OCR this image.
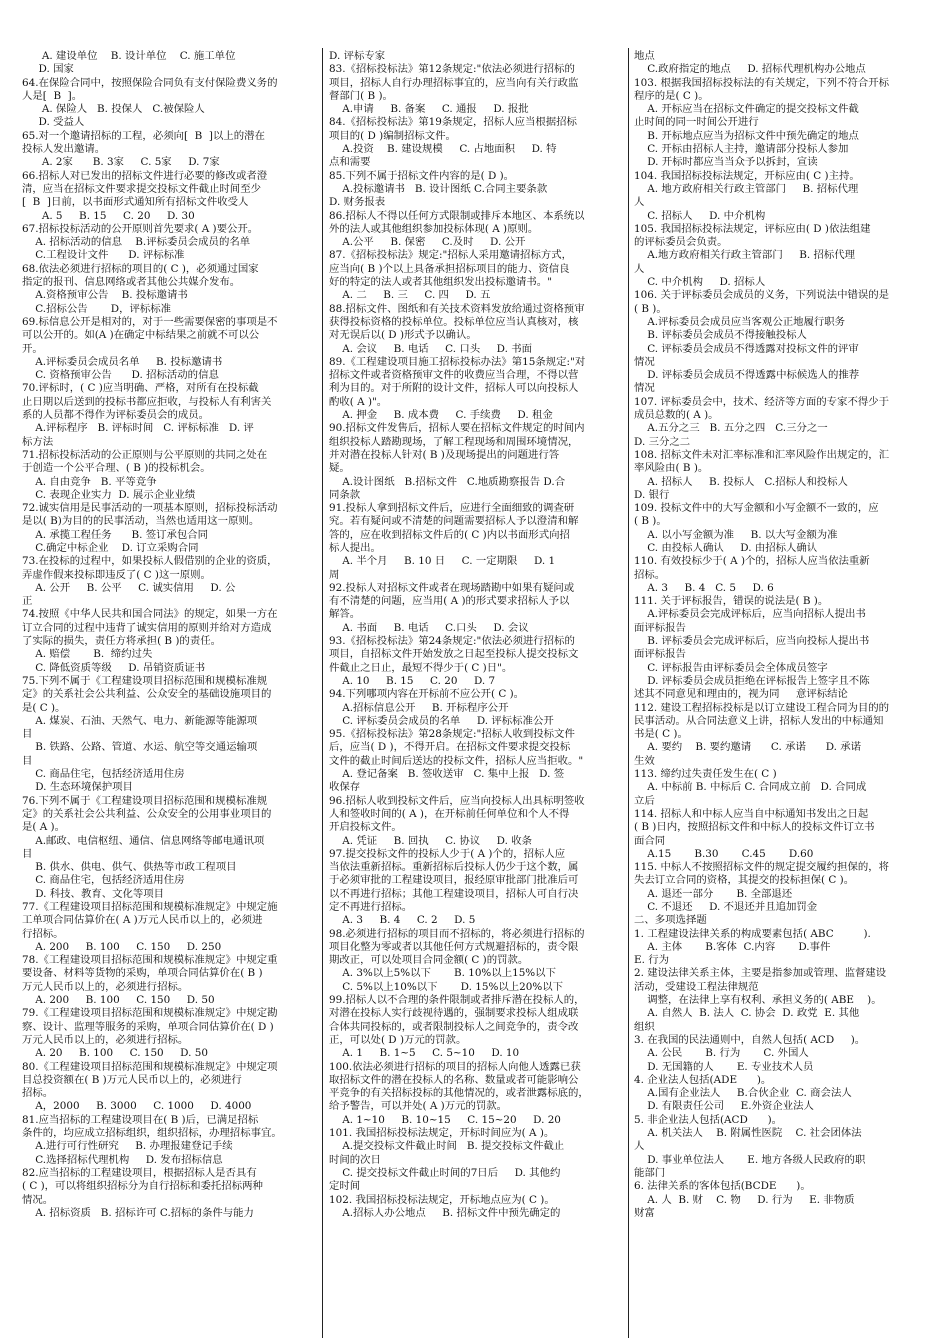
A. 建设单位    B. 设计单位    C. 施工单位
D. 国家
64.在保险合同中，按照保险合同负有支付保险费义务的
人是[  B  ]。
A. 保险人   B. 投保人   C.被保险人
D. 受益人
65.对一个邀请招标的工程，必须向[  B  ]以上的潜在
投标人发出邀请。
A. 2家      B. 3家     C. 5家     D. 7家
66.招标人对已发出的招标文件进行必要的修改或者澄
清，应当在招标文件要求提交投标文件截止时间至少
[  B  ]日前，以书面形式通知所有招标文件收受人
A. 5     B. 15     C. 20     D. 30
67.招标投标活动的公开原则首先要求( A )要公开。
A. 招标活动的信息    B.评标委员会成员的名单
C.工程设计文件      D. 评标标准
68.依法必须进行招标的项目的( C )，必须通过国家
指定的报刊、信息网络或者其他公共媒介发布。
A.资格预审公告    B. 投标邀请书
C.招标公告       D，评标标准
69.标信息公开是相对的，对于一些需要保密的事项是不
可以公开的。如(A )在确定中标结果之前就不可以公
开。
A.评标委员会成员名单     B. 投标邀请书
C. 资格预审公告      D. 招标活动的信息
70.评标时，( C )应当明确、严格，对所有在投标截
止日期以后送到的投标书都应拒收，与投标人有利害关
系的人员都不得作为评标委员会的成员。
A.评标程序   B. 评标时间   C. 评标标准   D. 评
标方法
71.招标投标活动的公正原则与公平原则的共同之处在
于创造一个公平合理、( B )的投标机会。
A. 自由竞争   B. 平等竞争
C. 表现企业实力  D. 展示企业业绩
72.诚实信用是民事活动的一项基本原则，招标投标活动
是以( B)为目的的民事活动，当然也适用这一原则。
A. 承揽工程任务      B. 签订承包合同
C.确定中标企业    D. 订立采购合同
73.在投标的过程中，如果投标人假借别的企业的资质，
弄虚作假来投标即违反了( C )这一原则。
A. 公开     B. 公平     C. 诚实信用     D. 公
正
74.按照《中华人民共和国合同法》的规定，如果一方在
订立合同的过程中违背了诚实信用的原则并给对方造成
了实际的损失，责任方将承担( B )的责任。
A. 赔偿       B.  缔约过失
C. 降低资质等级     D. 吊销资质证书
75.下列不属于《工程建设项目招标范围和规模标准规
定》的关系社会公共利益、公众安全的基础设施项目的
是( C )。
A. 煤炭、石油、天然气、电力、新能源等能源项
目
B. 铁路、公路、管道、水运、航空等交通运输项
目
C. 商品住宅，包括经济适用住房
D. 生态环境保护项目
76.下列不属于《工程建设项目招标范围和规模标准规
定》的关系社会公共利益、公众安全的公用事业项目的
是( A )。
A.邮政、电信枢纽、通信、信息网络等邮电通讯项
目
B. 供水、供电、供气、供热等市政工程项目
C. 商品住宅，包括经济适用住房
D. 科技、教育、文化等项目
77.《工程建设项目招标范围和规模标准规定》中规定施
工单项合同估算价在( A )万元人民币以上的，必须进
行招标。
A. 200     B. 100     C. 150     D. 250
78.《工程建设项目招标范围和规模标准规定》中规定重
要设备、材料等货物的采购，单项合同估算价在( B )
万元人民币以上的，必须进行招标。
A. 200     B. 100     C. 150     D. 50
79.《工程建设项目招标范围和规模标准规定》中规定勘
察、设计、监理等服务的采购，单项合同估算价在( D )
万元人民币以上的，必须进行招标。
A. 20     B. 100     C. 150     D. 50
80.《工程建设项目招标范围和规模标准规定》中规定项
目总投资额在( B )万元人民币以上的，必须进行
招标。
A，2000     B. 3000     C. 1000     D. 4000
81.应当招标的工程建设项目在( B )后，已满足招标
条件的，均应成立招标组织，组织招标，办理招标事宜。
A.进行可行性研究     B. 办理报建登记手续
C.选择招标代理机构     D. 发布招标信息
82.应当招标的工程建设项目，根据招标人是否具有
( C )，可以将组织招标分为自行招标和委托招标两种
情况。
A. 招标资质   B. 招标许可 C.招标的条件与能力
D. 评标专家
83.《招标投标法》第12条规定:"依法必须进行招标的
项目，招标人自行办理招标事宜的，应当向有关行政监
督部门( B )。
A.申请     B. 备案     C. 通报     D. 报批
84.《招标投标法》第19条规定，招标人应当根据招标
项目的( D )编制招标文件。
A.投资    B. 建设规模     C. 占地面积     D. 特
点和需要
85.下列不属于招标文件内容的是( D )。
A.投标邀请书   B. 设计图纸 C.合同主要条款
D. 财务报表
86.招标人不得以任何方式限制或排斥本地区、本系统以
外的法人或其他组织参加投标体现( A )原则。
A.公平     B. 保密     C.及时     D. 公开
87.《招标投标法》规定:"招标人采用邀请招标方式，
应当向( B )个以上具备承担招标项目的能力、资信良
好的特定的法人或者其他组织发出投标邀请书。"
A. 二     B. 三     C. 四     D. 五
88.招标文件、图纸和有关技术资料发放给通过资格预审
获得投标资格的投标单位。投标单位应当认真核对，核
对无误后以( D )形式予以确认。
A. 会议     B. 电话     C. 口头     D. 书面
89.《工程建设项目施工招标投标办法》第15条规定:"对
招标文件或者资格预审文件的收费应当合理，不得以营
利为目的。对于所附的设计文件，招标人可以向投标人
酌收( A )"。
A. 押金     B. 成本费     C. 手续费     D. 租金
90.招标文件发售后，招标人要在招标文件规定的时间内
组织投标人踏勘现场，了解工程现场和周围环境情况，
并对潜在投标人针对( B )及现场提出的问题进行答
疑。
A.设计图纸   B.招标文件   C.地质勘察报告 D.合
同条款
91.投标人拿到招标文件后，应进行全面细致的调查研
究。若有疑问或不清楚的问题需要招标人予以澄清和解
答的，应在收到招标文件后的( C )内以书面形式向招
标人提出。
A. 半个月     B. 10 日     C. 一定期限     D. 1
周
92.投标人对招标文件或者在现场踏勘中如果有疑问或
有不清楚的问题，应当用( A )的形式要求招标人予以
解答。
A. 书面     B. 电话     C.口头     D. 会议
93.《招标投标法》第24条规定:"依法必须进行招标的
项目，自招标文件开始发放之日起至投标人提交投标文
件截止之日止，最短不得少于( C )日"。
A. 10     B. 15     C. 20     D. 7
94.下列哪项内容在开标前不应公开( C )。
A.招标信息公开     B. 开标程序公开
C. 评标委员会成员的名单     D. 评标标准公开
95.《招标投标法》第28条规定:"招标人收到投标文件
后，应当( D )，不得开启。在招标文件要求提交投标
文件的截止时间后送达的投标文件，招标人应当拒收。"
A. 登记备案   B. 签收送审   C. 集中上报   D. 签
收保存
96.招标人收到投标文件后，应当向投标人出具标明签收
人和签收时间的( A )，在开标前任何单位和个人不得
开启投标文件。
A. 凭证     B. 回执     C. 协议     D. 收条
97.提交投标文件的投标人少于( A )个的，招标人应
当依法重新招标。重新招标后投标人仍少于这个数，属
于必须审批的工程建设项目，报经原审批部门批准后可
以不再进行招标；其他工程建设项目，招标人可自行决
定不再进行招标。
A. 3     B. 4     C. 2     D. 5
98.必须进行招标的项目而不招标的，将必须进行招标的
项目化整为零或者以其他任何方式规避招标的，责令限
期改正，可以处项目合同金额( C )的罚款。
A. 3%以上5%以下       B. 10%以上15%以下
C. 5%以上10%以下       D. 15%以上20%以下
99.招标人以不合理的条件限制或者排斥潜在投标人的，
对潜在投标人实行歧视待遇的，强制要求投标人组成联
合体共同投标的，或者限制投标人之间竞争的，责令改
正，可以处( D )万元的罚款。
A. 1     B. 1~5     C. 5~10     D. 10
100.依法必须进行招标的项目的招标人向他人透露已获
取招标文件的潜在投标人的名称、数量或者可能影响公
平竞争的有关招标投标的其他情况的，或者泄露标底的，
给予警告，可以并处( A )万元的罚款。
A. 1~10     B. 10~15     C. 15~20     D. 20
101. 我国招标投标法规定，开标时间应为( A )。
A.提交投标文件截止时间   B. 提交投标文件截止
时间的次日
C. 提交投标文件截止时间的7日后     D. 其他约
定时间
102. 我国招标投标法规定，开标地点应为( C )。
A.招标人办公地点     B. 招标文件中预先确定的
地点
C.政府指定的地点     D. 招标代理机构办公地点
103. 根据我国招标投标法的有关规定，下列不符合开标
程序的是( C )。
A. 开标应当在招标文件确定的提交投标文件截
止时间的同一时间公开进行
B. 开标地点应当为招标文件中预先确定的地点
C. 开标由招标人主持，邀请部分投标人参加
D. 开标时都应当当众予以拆封，宣读
104. 我国招标投标法规定，开标应由( C )主持。
A. 地方政府相关行政主管部门     B. 招标代理
人
C. 招标人     D. 中介机构
105. 我国招标投标法规定，评标应由( D )依法组建
的评标委员会负责。
A.地方政府相关行政主管部门     B. 招标代理
人
C. 中介机构     D. 招标人
106. 关于评标委员会成员的义务，下列说法中错误的是
( B )。
A.评标委员会成员应当客观公正地履行职务
B. 评标委员会成员不得接触投标人
C. 评标委员会成员不得透露对投标文件的评审
情况
D. 评标委员会成员不得透露中标候选人的推荐
情况
107. 评标委员会中，技术、经济等方面的专家不得少于
成员总数的( A )。
A.五分之三   B. 五分之四   C.三分之一
D. 三分之二
108. 招标文件未对汇率标准和汇率风险作出规定的，汇
率风险由( B )。
A. 招标人     B. 投标人   C.招标人和投标人
D. 银行
109. 投标文件中的大写金额和小写金额不一致的，应
( B )。
A. 以小写金额为准     B. 以大写金额为准
C. 由投标人确认     D. 由招标人确认
110. 有效投标少于( A )个的，招标人应当依法重新
招标。
A. 3     B. 4   C. 5     D. 6
111. 关于评标报告，错误的说法是( B )。
A.评标委员会完成评标后，应当向招标人提出书
面评标报告
B. 评标委员会完成评标后，应当向投标人提出书
面评标报告
C. 评标报告由评标委员会全体成员签字
D. 评标委员会成员拒绝在评标报告上签字且不陈
述其不同意见和理由的，视为同     意评标结论
112. 建设工程招标投标是以订立建设工程合同为目的的
民事活动。从合同法意义上讲，招标人发出的中标通知
书是( C )。
A. 要约    B. 要约邀请      C. 承诺      D. 承诺
生效
113. 缔约过失责任发生在( C )
A. 中标前 B. 中标后 C. 合同成立前   D. 合同成
立后
114. 招标人和中标人应当自中标通知书发出之日起
( B )日内，按照招标文件和中标人的投标文件订立书
面合同
A.15       B.30       C.45       D.60
115. 中标人不按照招标文件的规定提交履约担保的，将
失去订立合同的资格，其提交的投标担保( C )。
A. 退还一部分       B. 全部退还
C. 不退还     D. 不退还并且追加罚金
二、多项选择题
1. 工程建设法律关系的构成要素包括( ABC         ).
A. 主体       B.客体  C.内容       D.事件
E. 行为
2. 建设法律关系主体，主要是指参加或管理、监督建设
活动，受建设工程法律规范
调整，在法律上享有权利、承担义务的( ABE    )。
A. 自然人  B. 法人  C. 协会  D. 政党  E. 其他
组织
3. 在我国的民法通则中，自然人包括( ACD     )。
A. 公民       B. 行为       C. 外国人
D. 无国籍的人       E. 专业技术人员
4. 企业法人包括(ADE      )。
A.国有企业法人     B.合伙企业  C. 商会法人
D. 有限责任公司     E.外资企业法人
5. 非企业法人包括(ACD      )。
A. 机关法人    B. 附属性医院    C. 社会团体法
人
D. 事业单位法人       E. 地方各级人民政府的职
能部门
6. 法律关系的客体包括(BCDE      )。
A. 人  B. 财    C. 物     D. 行为     E. 非物质
财富
